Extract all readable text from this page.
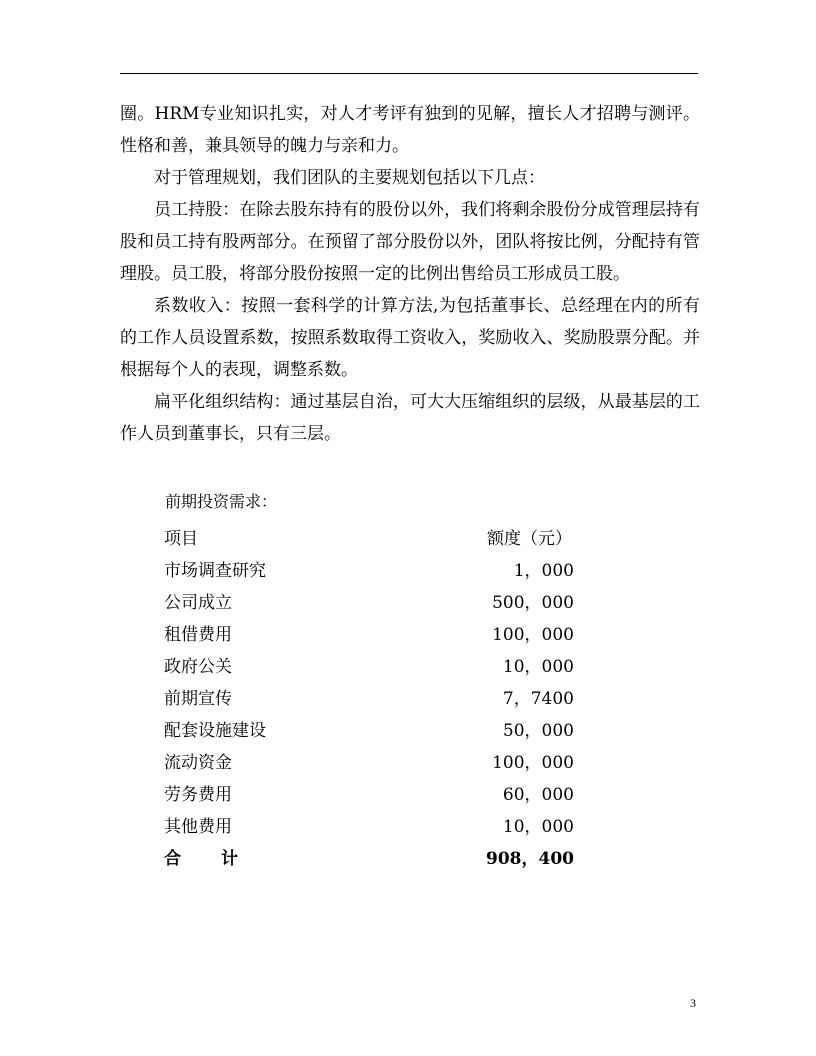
圈。HRM专业知识扎实，对人才考评有独到的见解，擅长人才招聘与测评。性格和善，兼具领导的魄力与亲和力。

对于管理规划，我们团队的主要规划包括以下几点：

员工持股：在除去股东持有的股份以外，我们将剩余股份分成管理层持有股和员工持有股两部分。在预留了部分股份以外，团队将按比例，分配持有管理股。员工股，将部分股份按照一定的比例出售给员工形成员工股。

系数收入：按照一套科学的计算方法,为包括董事长、总经理在内的所有的工作人员设置系数，按照系数取得工资收入，奖励收入、奖励股票分配。并根据每个人的表现，调整系数。

扁平化组织结构：通过基层自治，可大大压缩组织的层级，从最基层的工作人员到董事长，只有三层。

前期投资需求：

项目	额度（元）
市场调查研究	1，000
公司成立	500，000
租借费用	100，000
政府公关	10，000
前期宣传	7，7400
配套设施建设	50，000
流动资金	100，000
劳务费用	60，000
其他费用	10，000
合 计	908，400
3
